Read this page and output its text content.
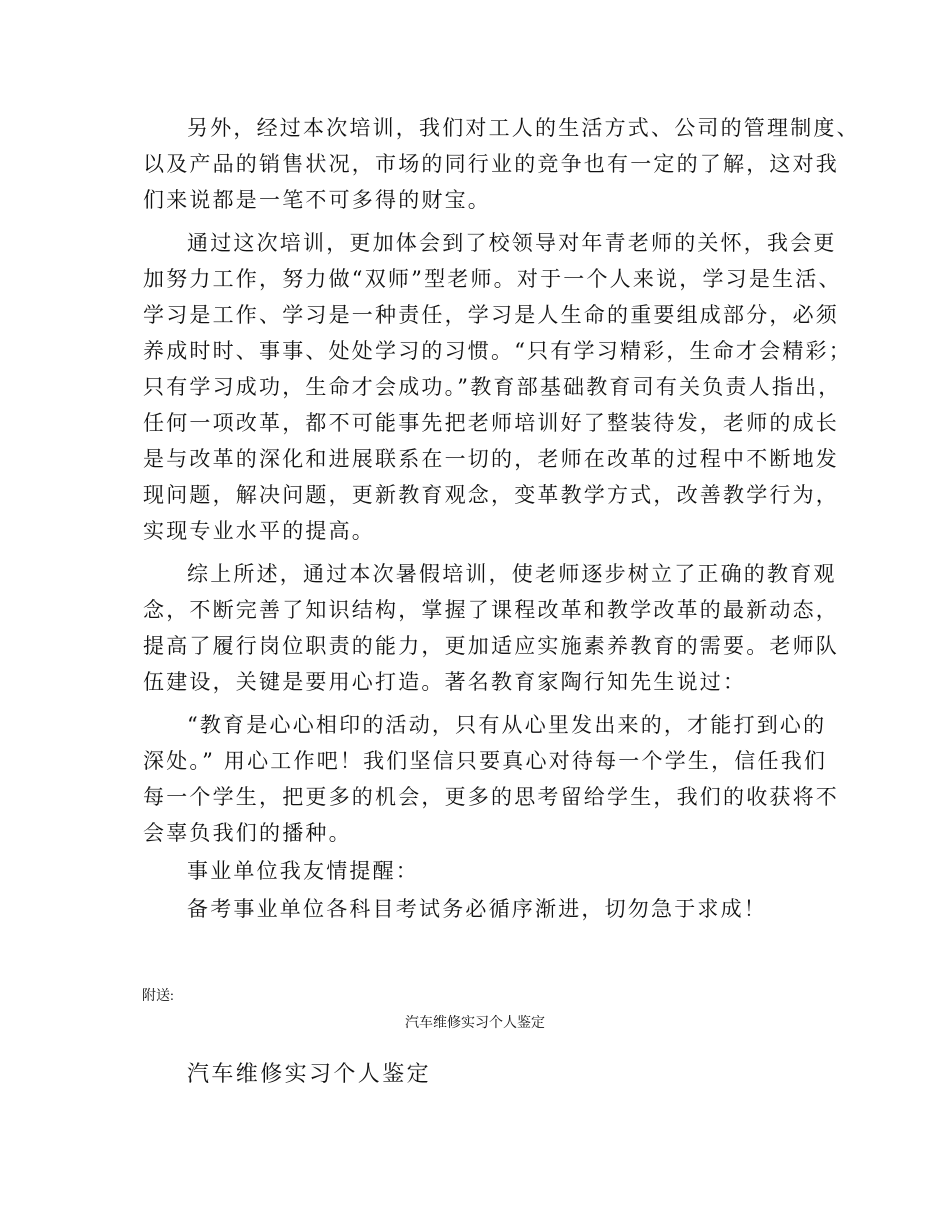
另外，经过本次培训，我们对工人的生活方式、公司的管理制度、
以及产品的销售状况，市场的同行业的竞争也有一定的了解，这对我
们来说都是一笔不可多得的财宝。
通过这次培训，更加体会到了校领导对年青老师的关怀，我会更
加努力工作，努力做“双师”型老师。对于一个人来说，学习是生活、
学习是工作、学习是一种责任，学习是人生命的重要组成部分，必须
养成时时、事事、处处学习的习惯。“只有学习精彩，生命才会精彩；
只有学习成功，生命才会成功。”教育部基础教育司有关负责人指出，
任何一项改革，都不可能事先把老师培训好了整装待发，老师的成长
是与改革的深化和进展联系在一切的，老师在改革的过程中不断地发
现问题，解决问题，更新教育观念，变革教学方式，改善教学行为，
实现专业水平的提高。
综上所述，通过本次暑假培训，使老师逐步树立了正确的教育观
念，不断完善了知识结构，掌握了课程改革和教学改革的最新动态，
提高了履行岗位职责的能力，更加适应实施素养教育的需要。老师队
伍建设，关键是要用心打造。著名教育家陶行知先生说过：
“教育是心心相印的活动，只有从心里发出来的，才能打到心的
深处。” 用心工作吧！我们坚信只要真心对待每一个学生，信任我们
每一个学生，把更多的机会，更多的思考留给学生，我们的收获将不
会辜负我们的播种。
事业单位我友情提醒：
备考事业单位各科目考试务必循序渐进，切勿急于求成！
附送:
汽车维修实习个人鉴定
汽车维修实习个人鉴定
